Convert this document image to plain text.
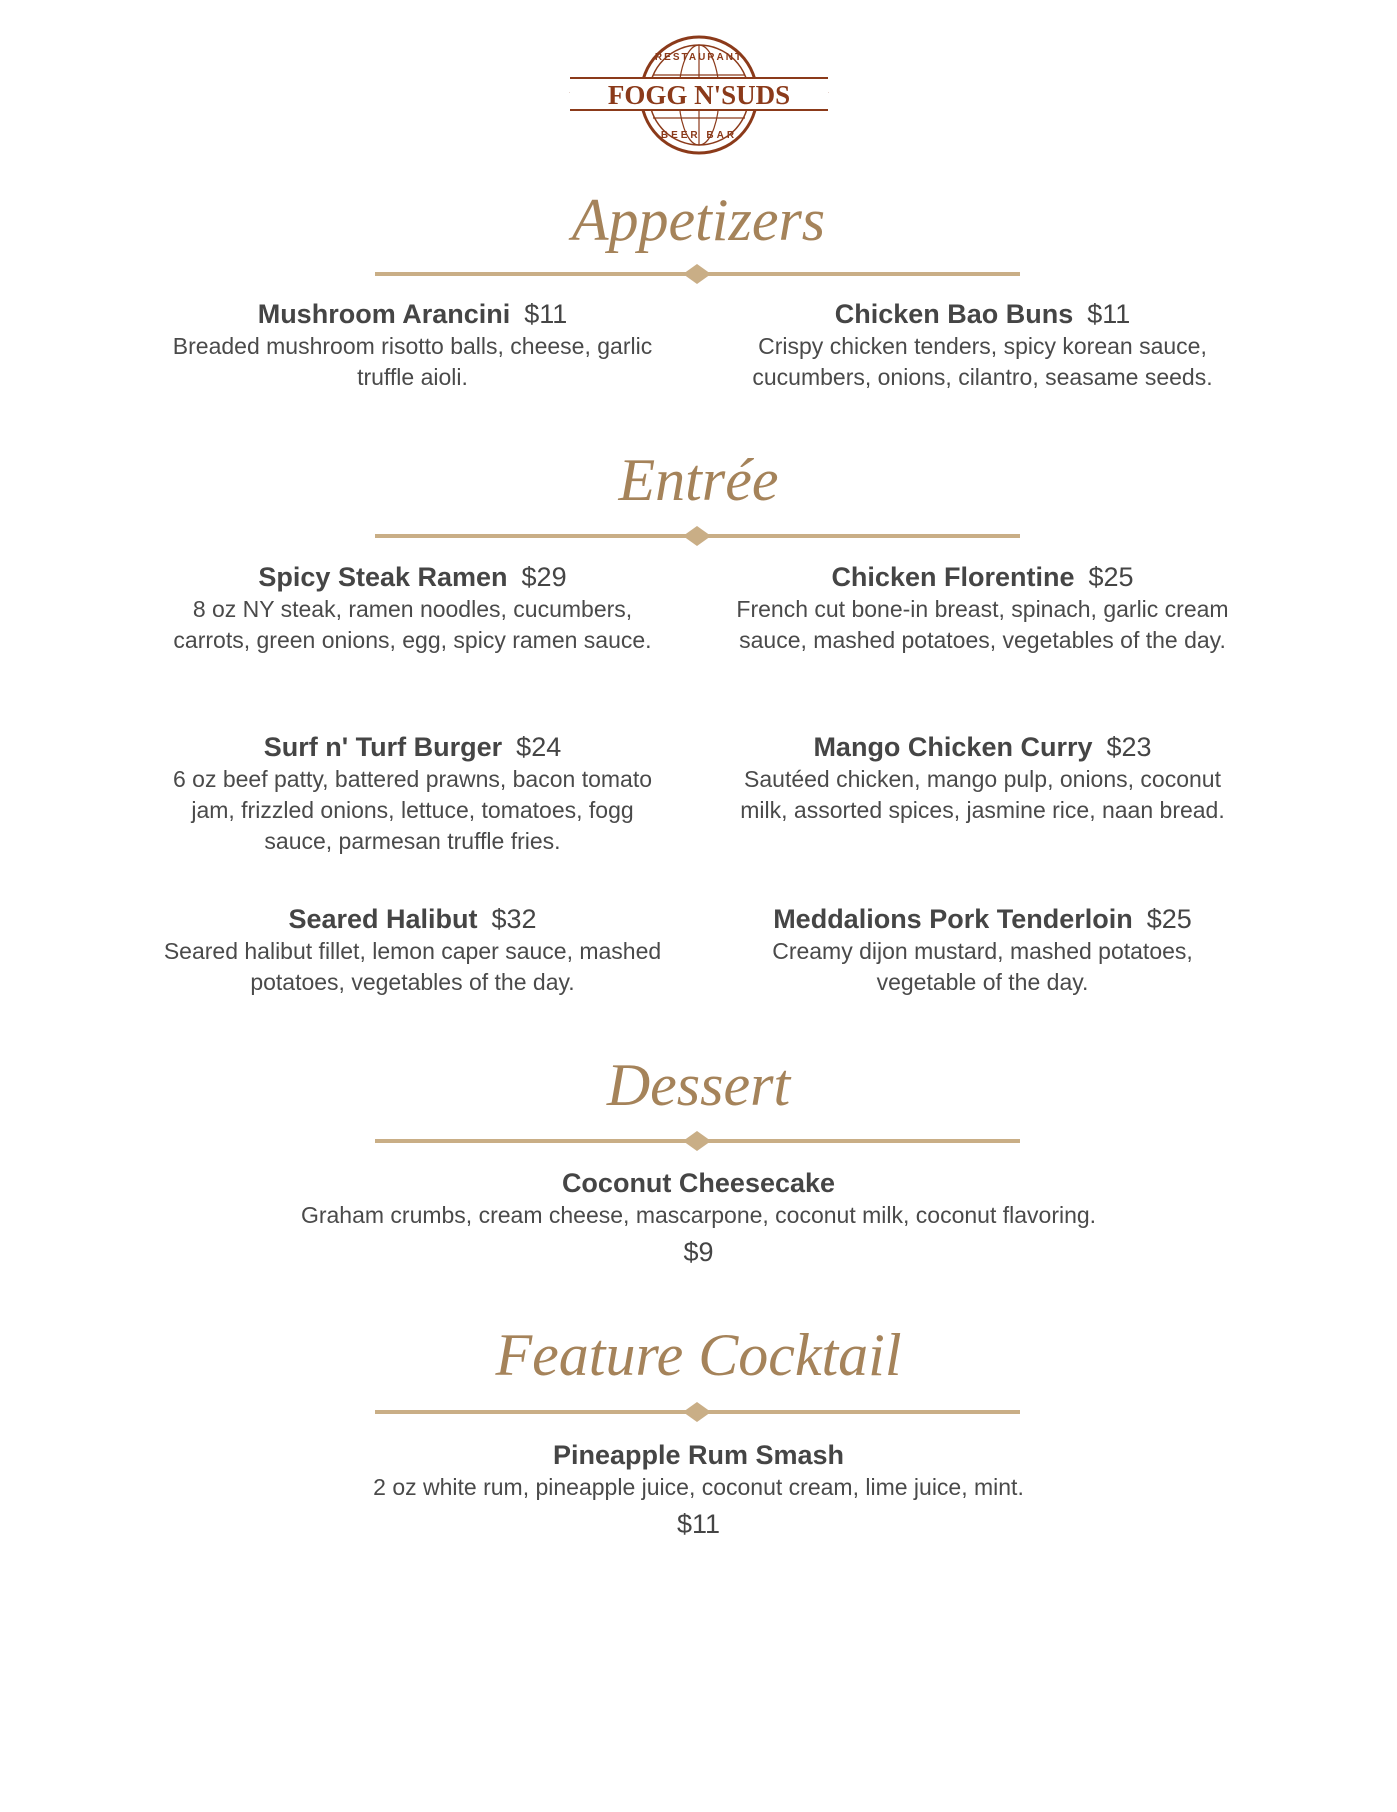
FOGG N'SUDS
RESTAURANT
BEER BAR
Appetizers
Mushroom Arancini $11
Breaded mushroom risotto balls, cheese, garlic truffle aioli.
Chicken Bao Buns $11
Crispy chicken tenders, spicy korean sauce, cucumbers, onions, cilantro, seasame seeds.
Entrée
Spicy Steak Ramen $29
8 oz NY steak, ramen noodles, cucumbers, carrots, green onions, egg, spicy ramen sauce.
Chicken Florentine $25
French cut bone-in breast, spinach, garlic cream sauce, mashed potatoes, vegetables of the day.
Surf n' Turf Burger $24
6 oz beef patty, battered prawns, bacon tomato jam, frizzled onions, lettuce, tomatoes, fogg sauce, parmesan truffle fries.
Mango Chicken Curry $23
Sautéed chicken, mango pulp, onions, coconut milk, assorted spices, jasmine rice, naan bread.
Seared Halibut $32
Seared halibut fillet, lemon caper sauce, mashed potatoes, vegetables of the day.
Meddalions Pork Tenderloin $25
Creamy dijon mustard, mashed potatoes, vegetable of the day.
Dessert
Coconut Cheesecake
Graham crumbs, cream cheese, mascarpone, coconut milk, coconut flavoring.
$9
Feature Cocktail
Pineapple Rum Smash
2 oz white rum, pineapple juice, coconut cream, lime juice, mint.
$11
